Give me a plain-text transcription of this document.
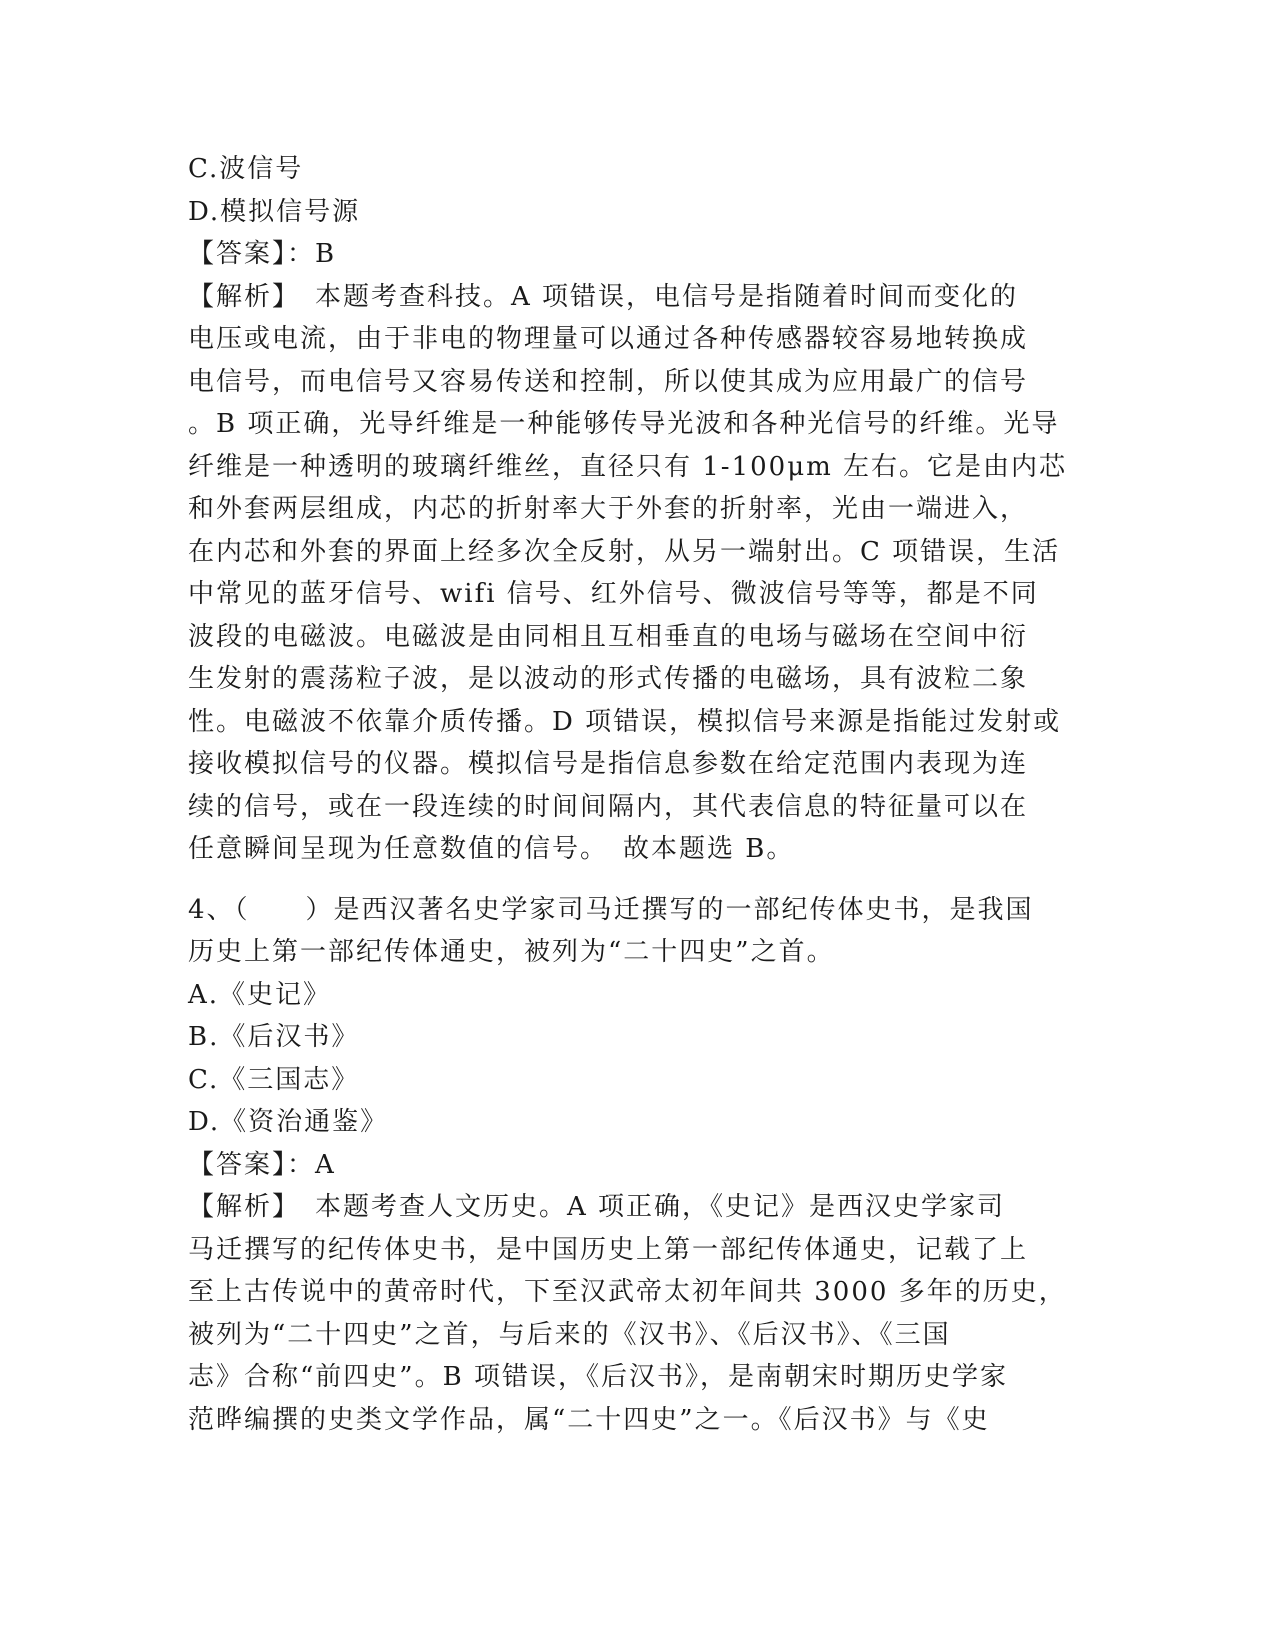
C.波信号
D.模拟信号源
【答案】：B
【解析】　本题考查科技。A 项错误，电信号是指随着时间而变化的
电压或电流，由于非电的物理量可以通过各种传感器较容易地转换成
电信号，而电信号又容易传送和控制，所以使其成为应用最广的信号
。B 项正确，光导纤维是一种能够传导光波和各种光信号的纤维。光导
纤维是一种透明的玻璃纤维丝，直径只有 1-100μm 左右。它是由内芯
和外套两层组成，内芯的折射率大于外套的折射率，光由一端进入，
在内芯和外套的界面上经多次全反射，从另一端射出。C 项错误，生活
中常见的蓝牙信号、wifi 信号、红外信号、微波信号等等，都是不同
波段的电磁波。电磁波是由同相且互相垂直的电场与磁场在空间中衍
生发射的震荡粒子波，是以波动的形式传播的电磁场，具有波粒二象
性。电磁波不依靠介质传播。D 项错误，模拟信号来源是指能过发射或
接收模拟信号的仪器。模拟信号是指信息参数在给定范围内表现为连
续的信号，或在一段连续的时间间隔内，其代表信息的特征量可以在
任意瞬间呈现为任意数值的信号。　故本题选 B。
4、（　　）是西汉著名史学家司马迁撰写的一部纪传体史书，是我国
历史上第一部纪传体通史，被列为“二十四史”之首。
A.《史记》
B.《后汉书》
C.《三国志》
D.《资治通鉴》
【答案】：A
【解析】　本题考查人文历史。A 项正确，《史记》是西汉史学家司
马迁撰写的纪传体史书，是中国历史上第一部纪传体通史，记载了上
至上古传说中的黄帝时代，下至汉武帝太初年间共 3000 多年的历史，
被列为“二十四史”之首，与后来的《汉书》、《后汉书》、《三国
志》合称“前四史”。B 项错误，《后汉书》，是南朝宋时期历史学家
范晔编撰的史类文学作品，属“二十四史”之一。《后汉书》与《史
